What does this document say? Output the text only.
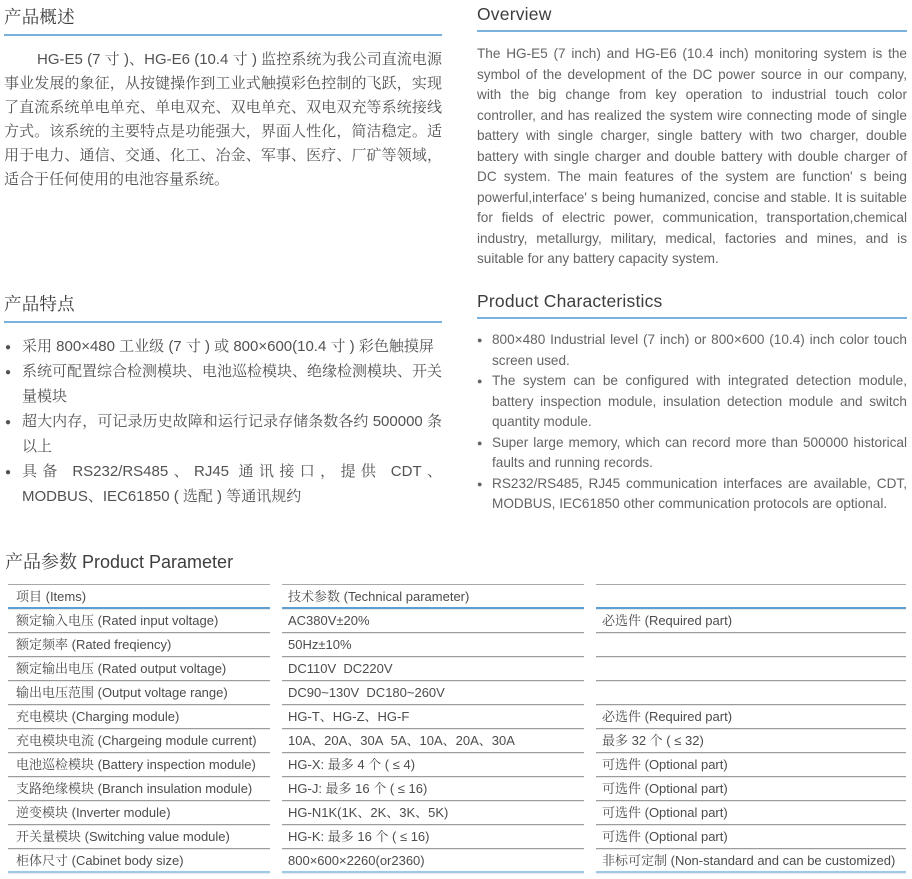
产品概述

HG-E5 (7 寸 )、HG-E6 (10.4 寸 ) 监控系统为我公司直流电源事业发展的象征，从按键操作到工业式触摸彩色控制的飞跃，实现了直流系统单电单充、单电双充、双电单充、双电双充等系统接线方式。该系统的主要特点是功能强大，界面人性化，简洁稳定。适用于电力、通信、交通、化工、冶金、军事、医疗、厂矿等领域，适合于任何使用的电池容量系统。

Overview

The HG-E5 (7 inch) and HG-E6 (10.4 inch) monitoring system is the symbol of the development of the DC power source in our company, with the big change from key operation to industrial touch color controller, and has realized the system wire connecting mode of single battery with single charger, single battery with two charger, double battery with single charger and double battery with double charger of DC system. The main features of the system are function' s being powerful,interface' s being humanized, concise and stable. It is suitable for fields of electric power, communication, transportation,chemical industry, metallurgy, military, medical, factories and mines, and is suitable for any battery capacity system.

产品特点
● 采用 800×480 工业级 (7 寸 ) 或 800×600(10.4 寸 ) 彩色触摸屏
● 系统可配置综合检测模块、电池巡检模块、绝缘检测模块、开关量模块
● 超大内存，可记录历史故障和运行记录存储条数各约 500000 条以上
● 具备 RS232/RS485、RJ45 通讯接口，提供 CDT、MODBUS、IEC61850 ( 选配 ) 等通讯规约
Product Characteristics
● 800×480 Industrial level (7 inch) or 800×600 (10.4) inch color touch screen used.
● The system can be configured with integrated detection module, battery inspection module, insulation detection module and switch quantity module.
● Super large memory, which can record more than 500000 historical faults and running records.
● RS232/RS485, RJ45 communication interfaces are available, CDT, MODBUS, IEC61850 other communication protocols are optional.
产品参数 Product Parameter
项目 (Items)	技术参数 (Technical parameter)
额定输入电压 (Rated input voltage)	AC380V±20%	必选件 (Required part)
额定频率 (Rated freqiency)	50Hz±10%
额定输出电压 (Rated output voltage)	DC110V  DC220V
输出电压范围 (Output voltage range)	DC90~130V  DC180~260V
充电模块 (Charging module)	HG-T、HG-Z、HG-F	必选件 (Required part)
充电模块电流 (Chargeing module current)	10A、20A、30A  5A、10A、20A、30A	最多 32 个 ( ≤ 32)
电池巡检模块 (Battery inspection module)	HG-X: 最多 4 个 ( ≤ 4)	可选件 (Optional part)
支路绝缘模块 (Branch insulation module)	HG-J: 最多 16 个 ( ≤ 16)	可选件 (Optional part)
逆变模块 (Inverter module)	HG-N1K(1K、2K、3K、5K)	可选件 (Optional part)
开关量模块 (Switching value module)	HG-K: 最多 16 个 ( ≤ 16)	可选件 (Optional part)
柜体尺寸 (Cabinet body size)	800×600×2260(or2360)	非标可定制 (Non-standard and can be customized)
